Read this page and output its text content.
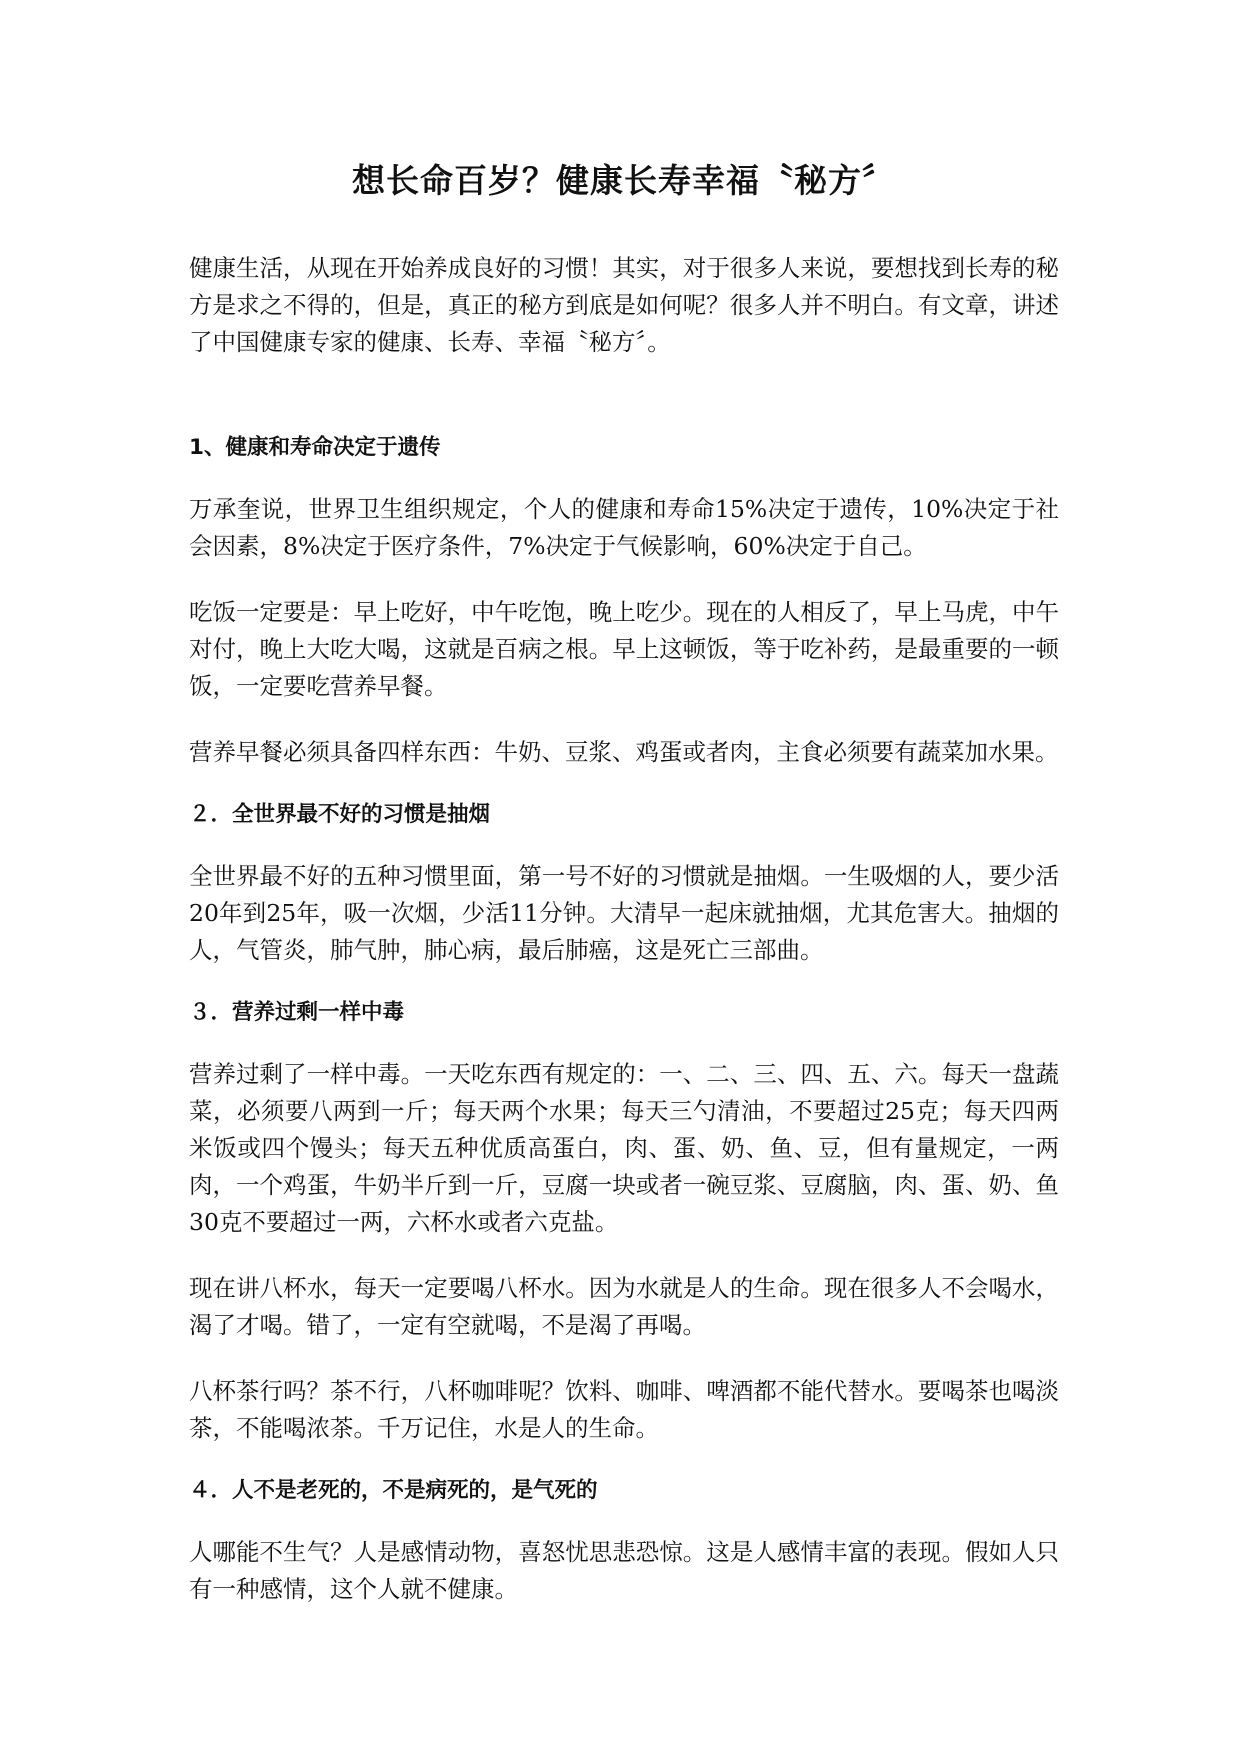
想长命百岁？健康长寿幸福〝秘方〞

健康生活，从现在开始养成良好的习惯！其实，对于很多人来说，要想找到长寿的秘方是求之不得的，但是，真正的秘方到底是如何呢？很多人并不明白。有文章，讲述了中国健康专家的健康、长寿、幸福〝秘方〞。

1、健康和寿命决定于遗传

万承奎说，世界卫生组织规定，个人的健康和寿命15%决定于遗传，10%决定于社会因素，8%决定于医疗条件，7%决定于气候影响，60%决定于自己。

吃饭一定要是：早上吃好，中午吃饱，晚上吃少。现在的人相反了，早上马虎，中午对付，晚上大吃大喝，这就是百病之根。早上这顿饭，等于吃补药，是最重要的一顿饭，一定要吃营养早餐。

营养早餐必须具备四样东西：牛奶、豆浆、鸡蛋或者肉，主食必须要有蔬菜加水果。

２．全世界最不好的习惯是抽烟

全世界最不好的五种习惯里面，第一号不好的习惯就是抽烟。一生吸烟的人，要少活20年到25年，吸一次烟，少活11分钟。大清早一起床就抽烟，尤其危害大。抽烟的人，气管炎，肺气肿，肺心病，最后肺癌，这是死亡三部曲。

３．营养过剩一样中毒

营养过剩了一样中毒。一天吃东西有规定的：一、二、三、四、五、六。每天一盘蔬菜，必须要八两到一斤；每天两个水果；每天三勺清油，不要超过25克；每天四两米饭或四个馒头；每天五种优质高蛋白，肉、蛋、奶、鱼、豆，但有量规定，一两肉，一个鸡蛋，牛奶半斤到一斤，豆腐一块或者一碗豆浆、豆腐脑，肉、蛋、奶、鱼30克不要超过一两，六杯水或者六克盐。

现在讲八杯水，每天一定要喝八杯水。因为水就是人的生命。现在很多人不会喝水，渴了才喝。错了，一定有空就喝，不是渴了再喝。

八杯茶行吗？茶不行，八杯咖啡呢？饮料、咖啡、啤酒都不能代替水。要喝茶也喝淡茶，不能喝浓茶。千万记住，水是人的生命。

４．人不是老死的，不是病死的，是气死的

人哪能不生气？人是感情动物，喜怒忧思悲恐惊。这是人感情丰富的表现。假如人只有一种感情，这个人就不健康。
